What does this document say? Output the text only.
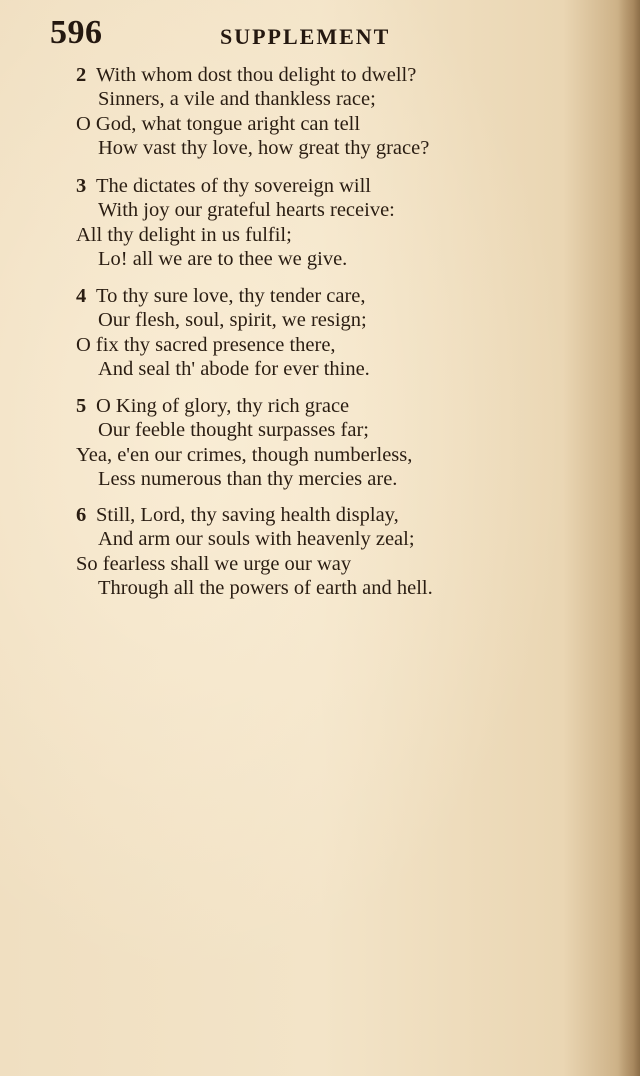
596	SUPPLEMENT
2 With whom dost thou delight to dwell?
Sinners, a vile and thankless race;
O God, what tongue aright can tell
How vast thy love, how great thy grace?
3 The dictates of thy sovereign will
With joy our grateful hearts receive:
All thy delight in us fulfil;
Lo! all we are to thee we give.
4 To thy sure love, thy tender care,
Our flesh, soul, spirit, we resign;
O fix thy sacred presence there,
And seal th' abode for ever thine.
5 O King of glory, thy rich grace
Our feeble thought surpasses far;
Yea, e'en our crimes, though numberless,
Less numerous than thy mercies are.
6 Still, Lord, thy saving health display,
And arm our souls with heavenly zeal;
So fearless shall we urge our way
Through all the powers of earth and hell.
